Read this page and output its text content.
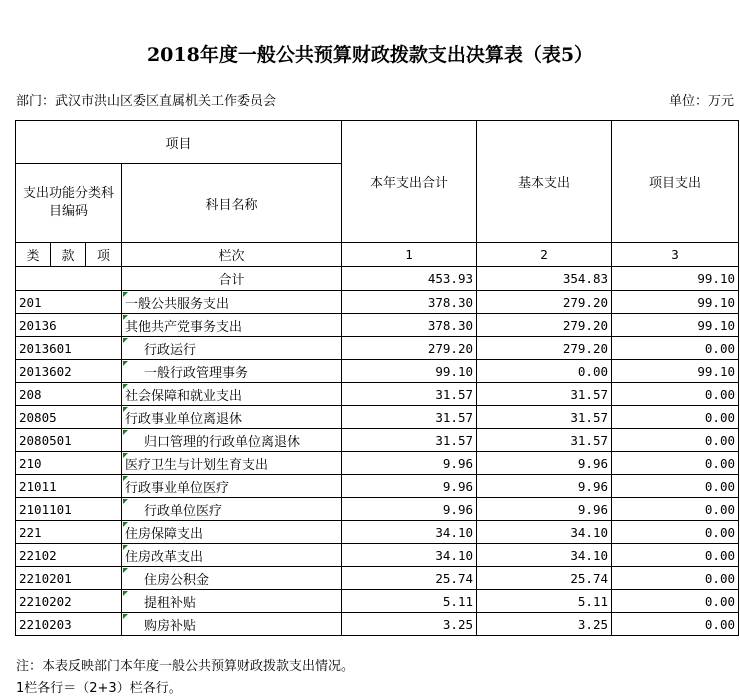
2018年度一般公共预算财政拨款支出决算表（表5）
部门：武汉市洪山区委区直属机关工作委员会	单位：万元
项目				本年支出合计	基本支出	项目支出
支出功能分类科目编码			科目名称			
类	款	项				
			栏次	1	2	3
			合计	453.93	354.83	99.10
201			一般公共服务支出	378.30	279.20	99.10
20136			其他共产党事务支出	378.30	279.20	99.10
2013601			行政运行	279.20	279.20	0.00
2013602			一般行政管理事务	99.10	0.00	99.10
208			社会保障和就业支出	31.57	31.57	0.00
20805			行政事业单位离退休	31.57	31.57	0.00
2080501			归口管理的行政单位离退休	31.57	31.57	0.00
210			医疗卫生与计划生育支出	9.96	9.96	0.00
21011			行政事业单位医疗	9.96	9.96	0.00
2101101			行政单位医疗	9.96	9.96	0.00
221			住房保障支出	34.10	34.10	0.00
22102			住房改革支出	34.10	34.10	0.00
2210201			住房公积金	25.74	25.74	0.00
2210202			提租补贴	5.11	5.11	0.00
2210203			购房补贴	3.25	3.25	0.00
注：本表反映部门本年度一般公共预算财政拨款支出情况。
1栏各行＝（2+3）栏各行。
